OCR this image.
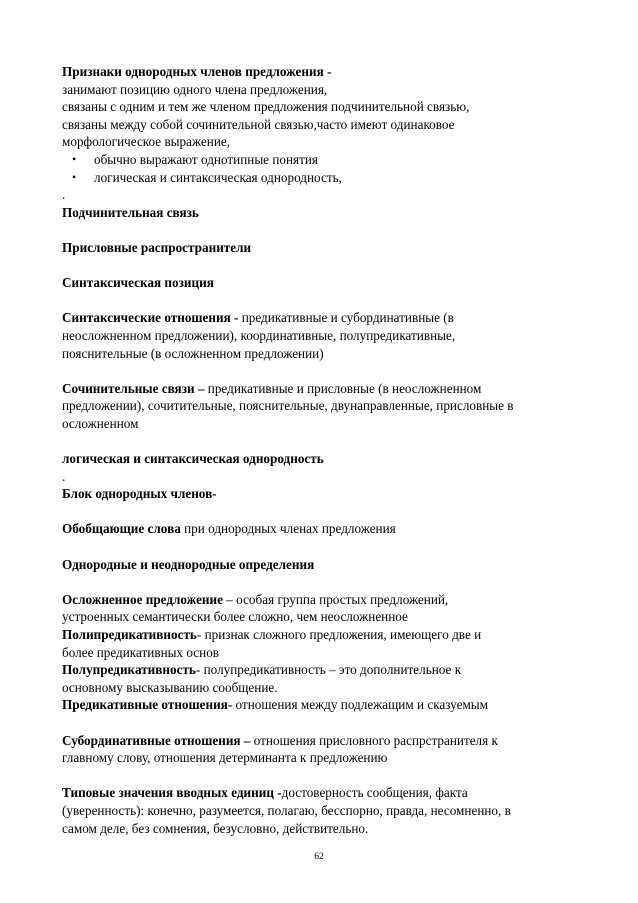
Признаки однородных членов предложения -
занимают позицию одного члена предложения,
связаны с одним и тем же членом предложения подчинительной связью,
связаны между собой сочинительной связью,часто имеют одинаковое
морфологическое выражение,
• обычно выражают однотипные понятия
• логическая и синтаксическая однородность,
.
Подчинительная связь
Присловные распространители
Синтаксическая позиция
Синтаксические отношения - предикативные и субординативные (в
неосложненном предложении), координативные, полупредикативные,
пояснительные (в осложненном предложении)
Сочинительные связи – предикативные и присловные (в неосложненном
предложении), сочитительные, пояснительные, двунаправленные, присловные в
осложненном
логическая и синтаксическая однородность
.
Блок однородных членов-
Обобщающие слова при однородных членах предложения
Однородные и неоднородные определения
Осложненное предложение – особая группа простых предложений,
устроенных семантически более сложно, чем неосложненное
Полипредикативность- признак сложного предложения, имеющего две и
более предикативных основ
Полупредикативность- полупредикативность – это дополнительное к
основному высказыванию сообщение.
Предикативные отношения- отношения между подлежащим и сказуемым
Субординативные отношения – отношения присловного распрстранителя к
главному слову, отношения детерминанта к предложению
Типовые значения вводных единиц -достоверность сообщения, факта
(уверенность): конечно, разумеется, полагаю, бесспорно, правда, несомненно, в
самом деле, без сомнения, безусловно, действительно.
62
